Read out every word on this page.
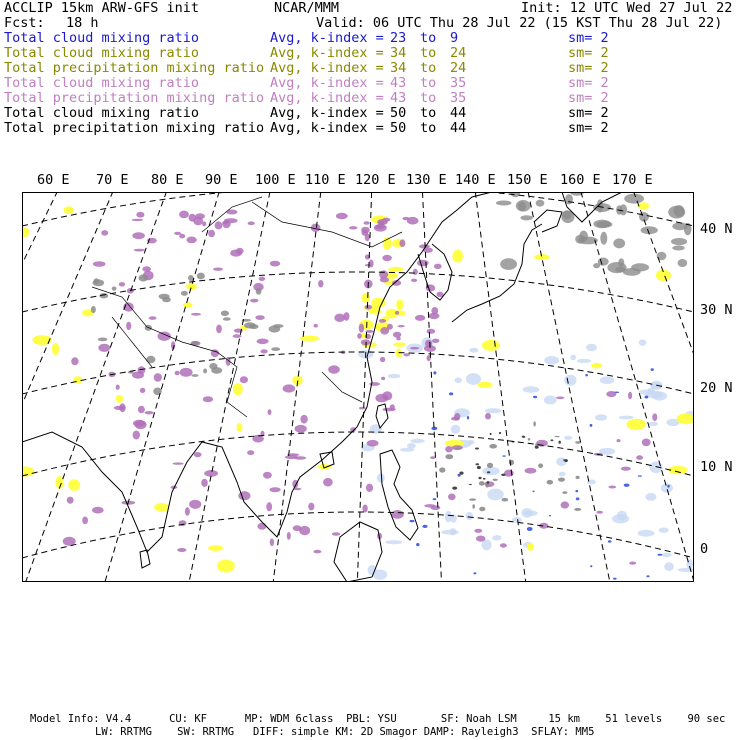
ACCLIP 15km ARW-GFS init	NCAR/MMM	Init: 12 UTC Wed 27 Jul 22
Fcst: 18 h	Valid: 06 UTC Thu 28 Jul 22 (15 KST Thu 28 Jul 22)
Total cloud mixing ratio	Avg, k-index = 23 to 9	sm= 2
Total cloud mixing ratio	Avg, k-index = 34 to 24	sm= 2
Total precipitation mixing ratio Avg, k-index = 34 to 24	sm= 2
Total cloud mixing ratio	Avg, k-index = 43 to 35	sm= 2
Total precipitation mixing ratio Avg, k-index = 43 to 35	sm= 2
Total cloud mixing ratio	Avg, k-index = 50 to 44	sm= 2
Total precipitation mixing ratio Avg, k-index = 50 to 44	sm= 2
60 E 70 E 80 E 90 E 100 E 110 E 120 E 130 E 140 E 150 E 160 E 170 E
40 N
30 N
20 N
10 N
0
Model Info: V4.4      CU: KF      MP: WDM 6class  PBL: YSU       SF: Noah LSM     15 km    51 levels    90 sec
LW: RRTMG    SW: RRTMG   DIFF: simple KM: 2D Smagor DAMP: Rayleigh3  SFLAY: MM5
